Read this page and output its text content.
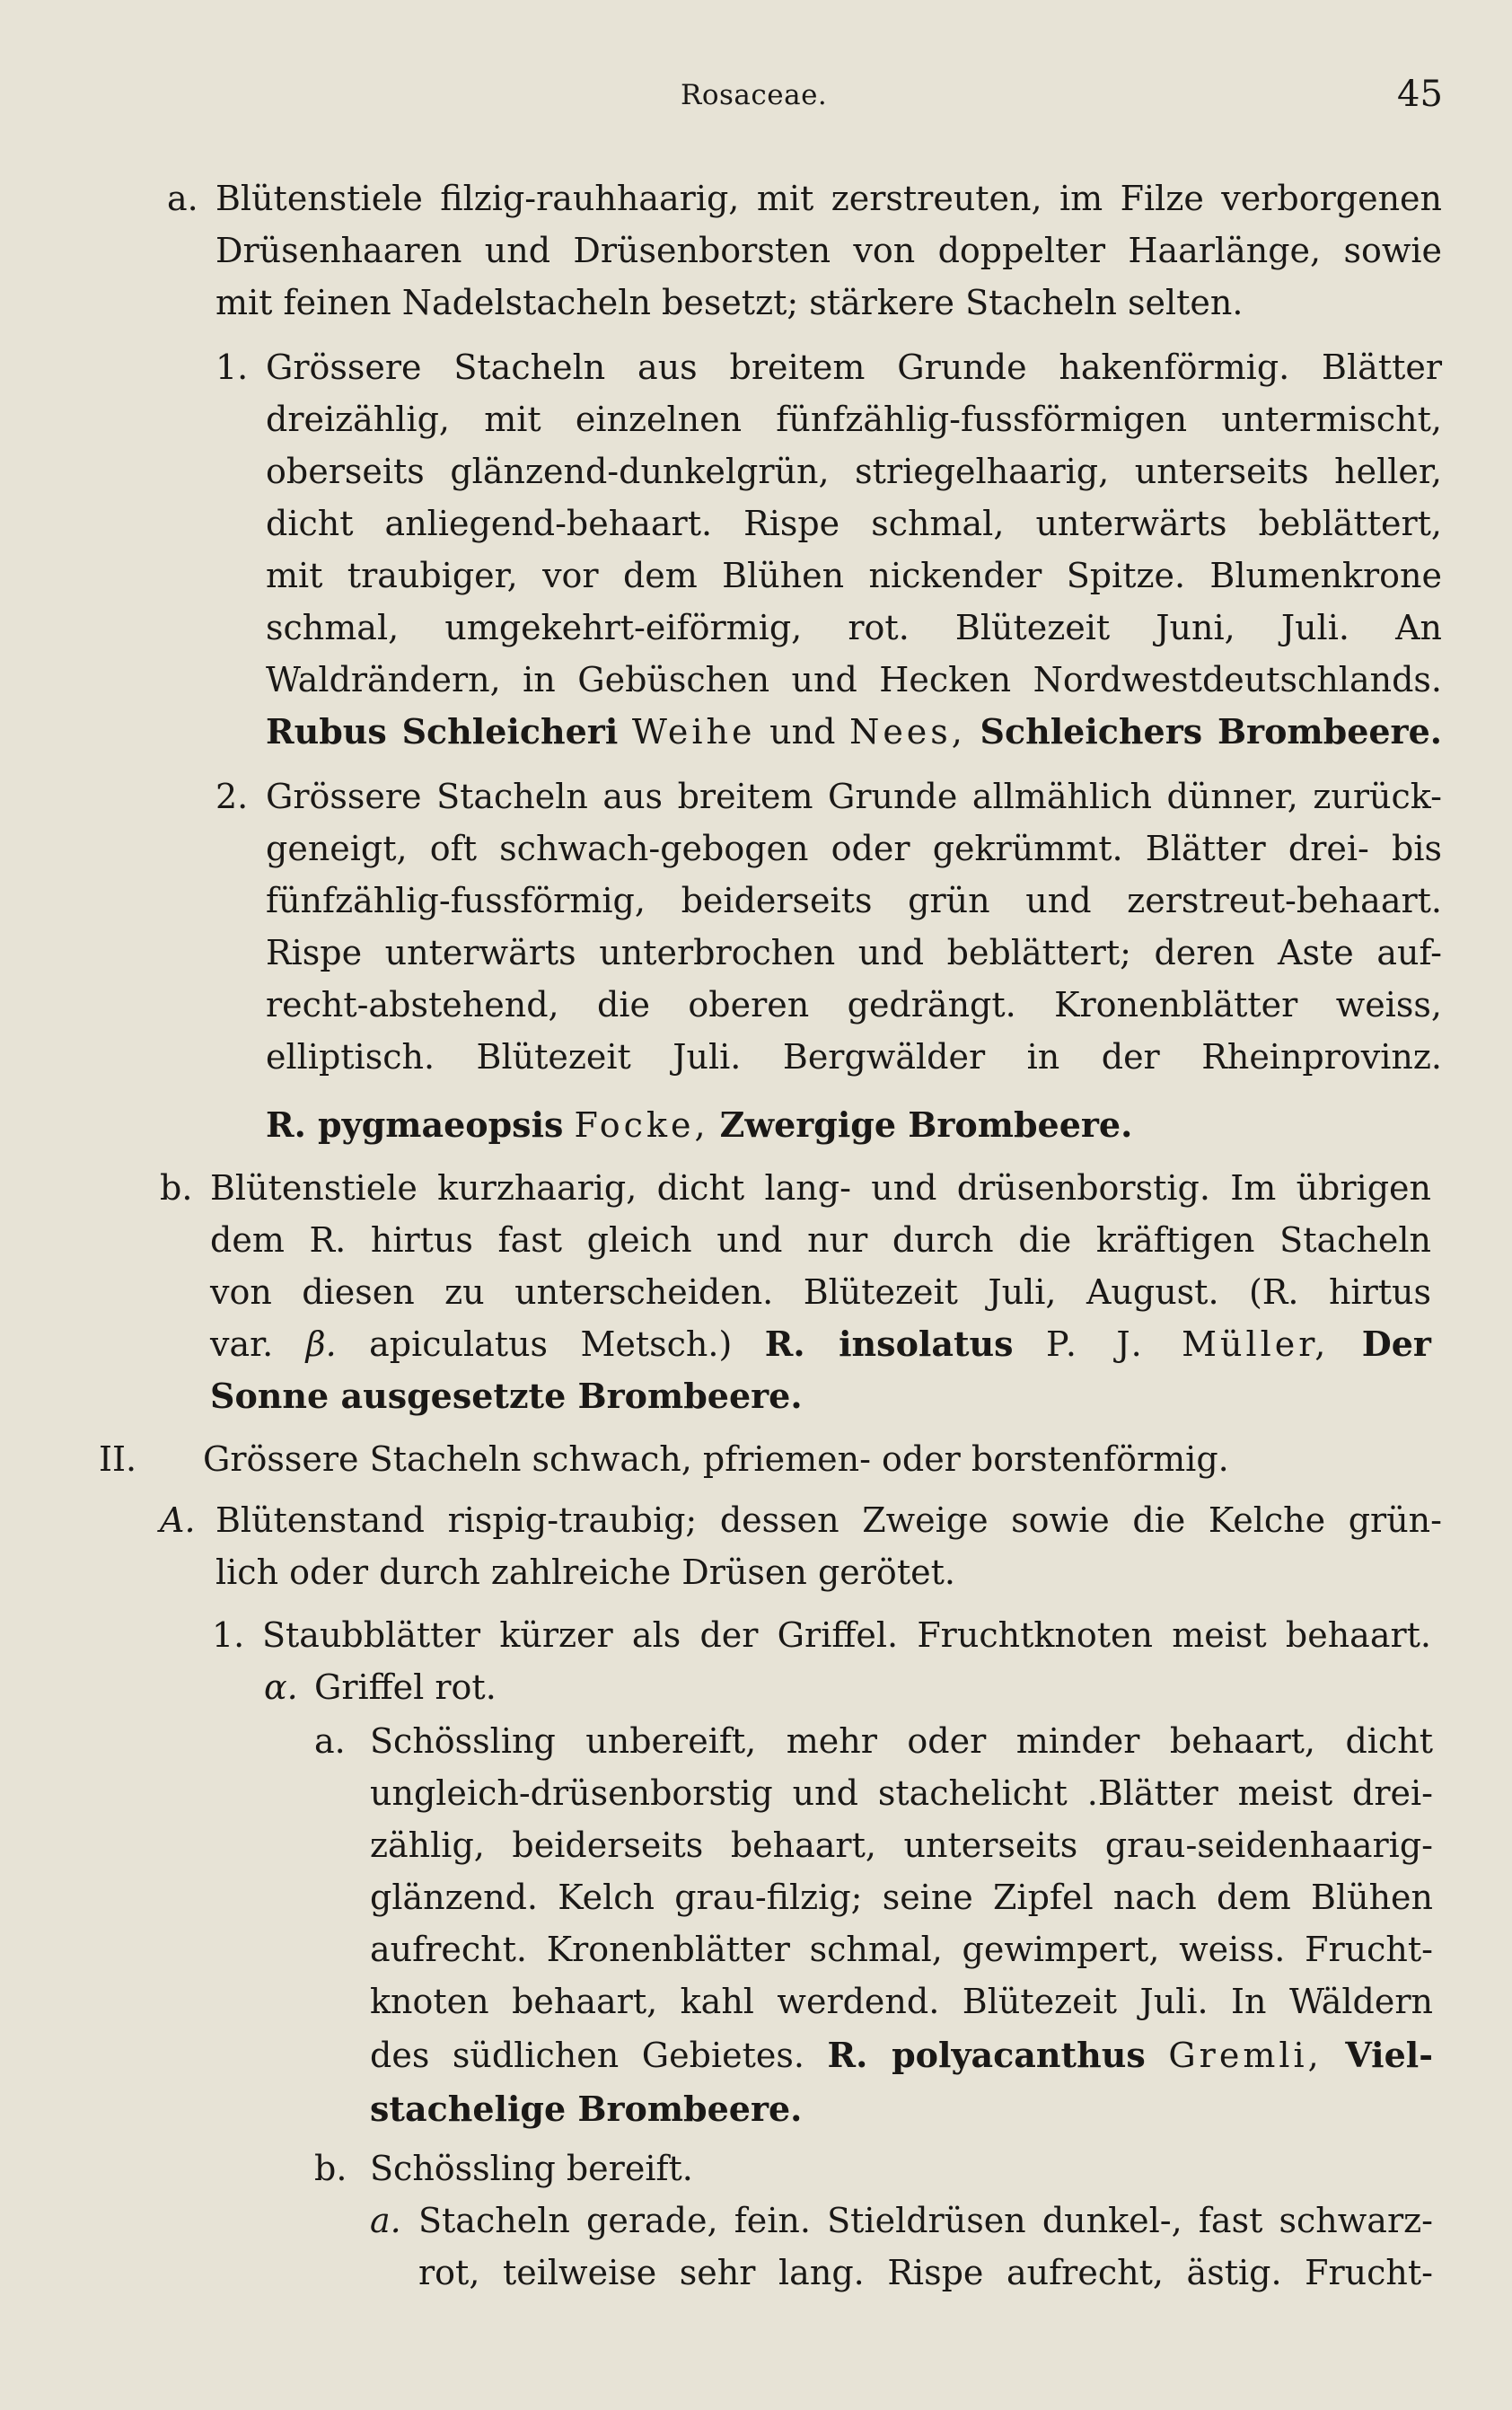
Rosaceae.	45
a. Blütenstiele filzig-rauhhaarig, mit zerstreuten, im Filze verborgenen
Drüsenhaaren und Drüsenborsten von doppelter Haarlänge, sowie
mit feinen Nadelstacheln besetzt; stärkere Stacheln selten.
1. Grössere Stacheln aus breitem Grunde hakenförmig. Blätter
dreizählig, mit einzelnen fünfzählig-fussförmigen untermischt,
oberseits glänzend-dunkelgrün, striegelhaarig, unterseits heller,
dicht anliegend-behaart. Rispe schmal, unterwärts beblättert,
mit traubiger, vor dem Blühen nickender Spitze. Blumenkrone
schmal, umgekehrt-eiförmig, rot. Blütezeit Juni, Juli. An
Waldrändern, in Gebüschen und Hecken Nordwestdeutschlands.
Rubus Schleicheri Weihe und Nees, Schleichers Brombeere.
2. Grössere Stacheln aus breitem Grunde allmählich dünner, zurück-
geneigt, oft schwach-gebogen oder gekrümmt. Blätter drei- bis
fünfzählig-fussförmig, beiderseits grün und zerstreut-behaart.
Rispe unterwärts unterbrochen und beblättert; deren Aste auf-
recht-abstehend, die oberen gedrängt. Kronenblätter weiss,
elliptisch. Blütezeit Juli. Bergwälder in der Rheinprovinz.
R. pygmaeopsis Focke, Zwergige Brombeere.
b. Blütenstiele kurzhaarig, dicht lang- und drüsenborstig. Im übrigen
dem R. hirtus fast gleich und nur durch die kräftigen Stacheln
von diesen zu unterscheiden. Blütezeit Juli, August. (R. hirtus
var. β. apiculatus Metsch.) R. insolatus P. J. Müller, Der
Sonne ausgesetzte Brombeere.
II. Grössere Stacheln schwach, pfriemen- oder borstenförmig.
A. Blütenstand rispig-traubig; dessen Zweige sowie die Kelche grün-
lich oder durch zahlreiche Drüsen gerötet.
1. Staubblätter kürzer als der Griffel. Fruchtknoten meist behaart.
α. Griffel rot.
a. Schössling unbereift, mehr oder minder behaart, dicht
ungleich-drüsenborstig und stachelicht .Blätter meist drei-
zählig, beiderseits behaart, unterseits grau-seidenhaarig-
glänzend. Kelch grau-filzig; seine Zipfel nach dem Blühen
aufrecht. Kronenblätter schmal, gewimpert, weiss. Frucht-
knoten behaart, kahl werdend. Blütezeit Juli. In Wäldern
des südlichen Gebietes. R. polyacanthus Gremli, Viel-
stachelige Brombeere.
b. Schössling bereift.
a. Stacheln gerade, fein. Stieldrüsen dunkel-, fast schwarz-
rot, teilweise sehr lang. Rispe aufrecht, ästig. Frucht-
